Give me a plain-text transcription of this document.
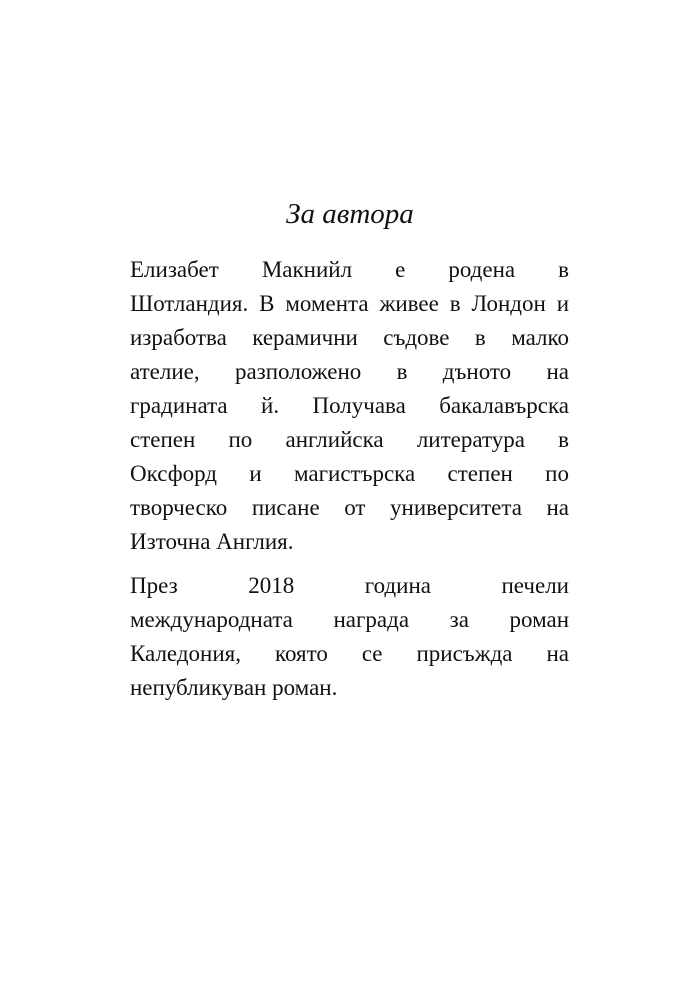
За автора
Елизабет Макнийл е родена в
Шотландия. В момента живее в Лондон и
изработва керамични съдове в малко
ателие, разположено в дъното на
градината й. Получава бакалавърска
степен по английска литература в
Оксфорд и магистърска степен по
творческо писане от университета на
Източна Англия.
През 2018 година печели
международната награда за роман
Каледония, която се присъжда на
непубликуван роман.
